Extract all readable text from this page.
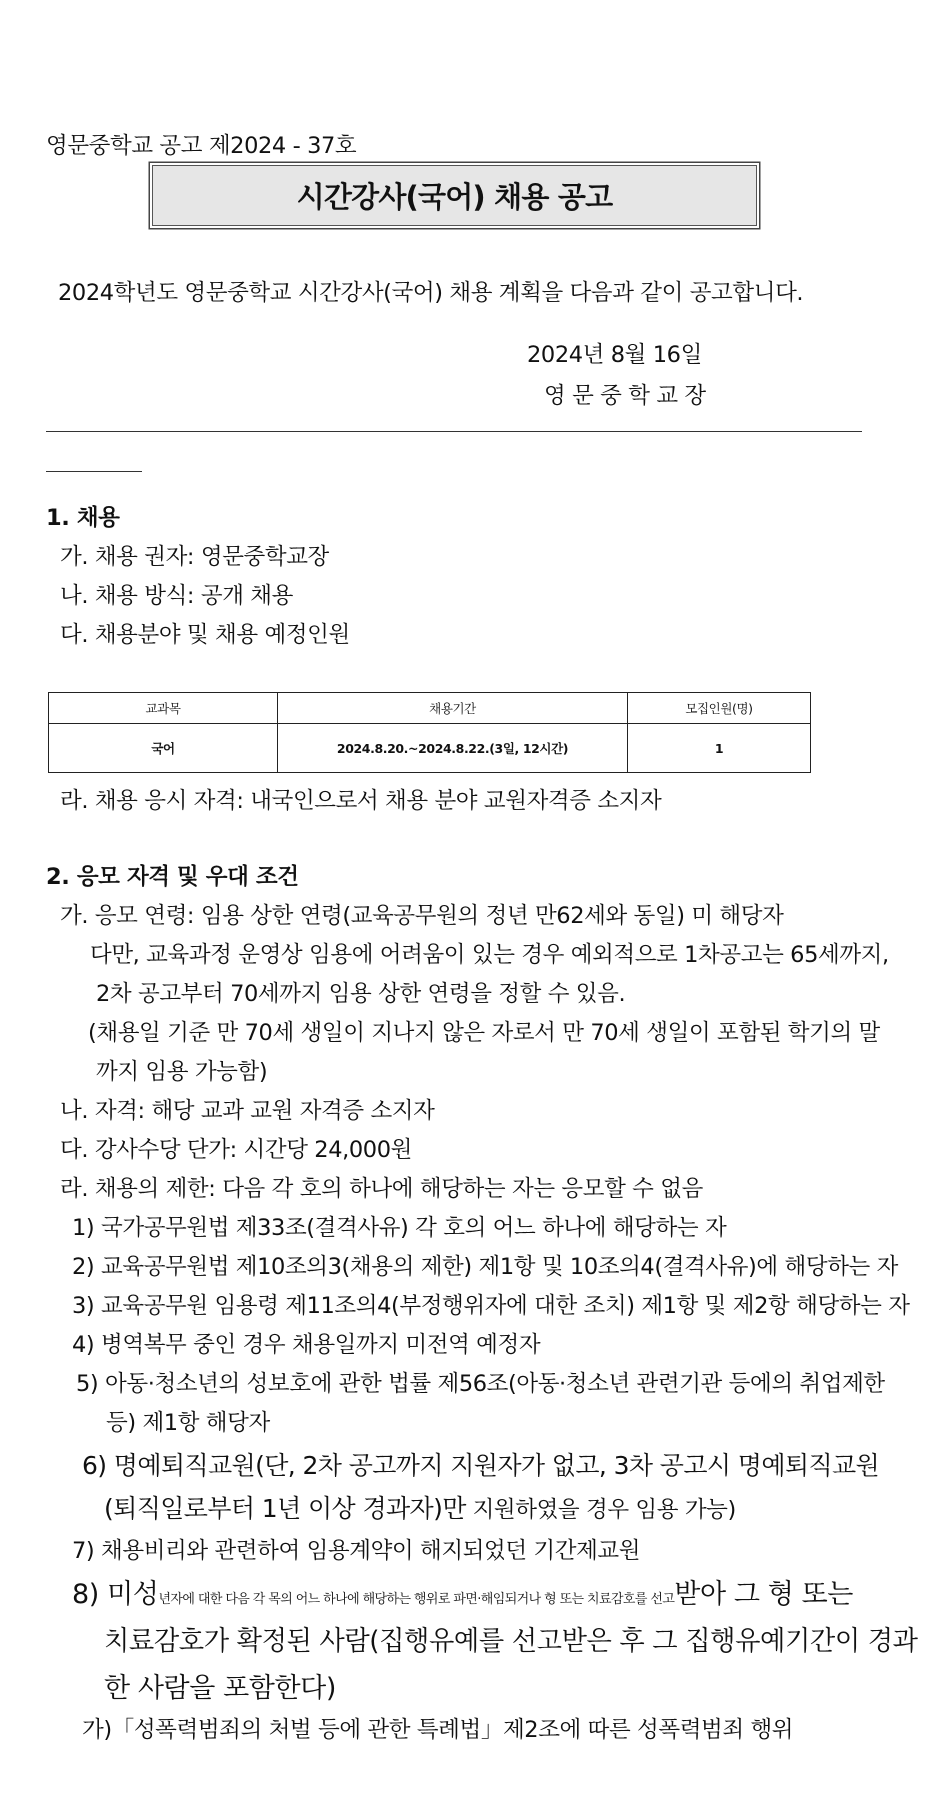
영문중학교 공고 제2024 - 37호
시간강사(국어) 채용 공고
2024학년도 영문중학교 시간강사(국어) 채용 계획을 다음과 같이 공고합니다.
2024년 8월 16일
영 문 중 학 교 장
1. 채용
가. 채용 권자: 영문중학교장
나. 채용 방식: 공개 채용
다. 채용분야 및 채용 예정인원
교과목	채용기간	모집인원(명)
국어	2024.8.20.~2024.8.22.(3일, 12시간)	1
라. 채용 응시 자격: 내국인으로서 채용 분야 교원자격증 소지자
2. 응모 자격 및 우대 조건
가. 응모 연령: 임용 상한 연령(교육공무원의 정년 만62세와 동일) 미 해당자
다만, 교육과정 운영상 임용에 어려움이 있는 경우 예외적으로 1차공고는 65세까지,
2차 공고부터 70세까지 임용 상한 연령을 정할 수 있음.
(채용일 기준 만 70세 생일이 지나지 않은 자로서 만 70세 생일이 포함된 학기의 말
까지 임용 가능함)
나. 자격: 해당 교과 교원 자격증 소지자
다. 강사수당 단가: 시간당 24,000원
라. 채용의 제한: 다음 각 호의 하나에 해당하는 자는 응모할 수 없음
1) 국가공무원법 제33조(결격사유) 각 호의 어느 하나에 해당하는 자
2) 교육공무원법 제10조의3(채용의 제한) 제1항 및 10조의4(결격사유)에 해당하는 자
3) 교육공무원 임용령 제11조의4(부정행위자에 대한 조치) 제1항 및 제2항 해당하는 자
4) 병역복무 중인 경우 채용일까지 미전역 예정자
5) 아동·청소년의 성보호에 관한 법률 제56조(아동·청소년 관련기관 등에의 취업제한
등) 제1항 해당자
6) 명예퇴직교원(단, 2차 공고까지 지원자가 없고, 3차 공고시 명예퇴직교원
(퇴직일로부터 1년 이상 경과자)만 지원하였을 경우 임용 가능)
7) 채용비리와 관련하여 임용계약이 해지되었던 기간제교원
8) 미성년자에 대한 다음 각 목의 어느 하나에 해당하는 행위로 파면·해임되거나 형 또는 치료감호를 선고받아 그 형 또는
치료감호가 확정된 사람(집행유예를 선고받은 후 그 집행유예기간이 경과
한 사람을 포함한다)
가)「성폭력범죄의 처벌 등에 관한 특례법」제2조에 따른 성폭력범죄 행위
